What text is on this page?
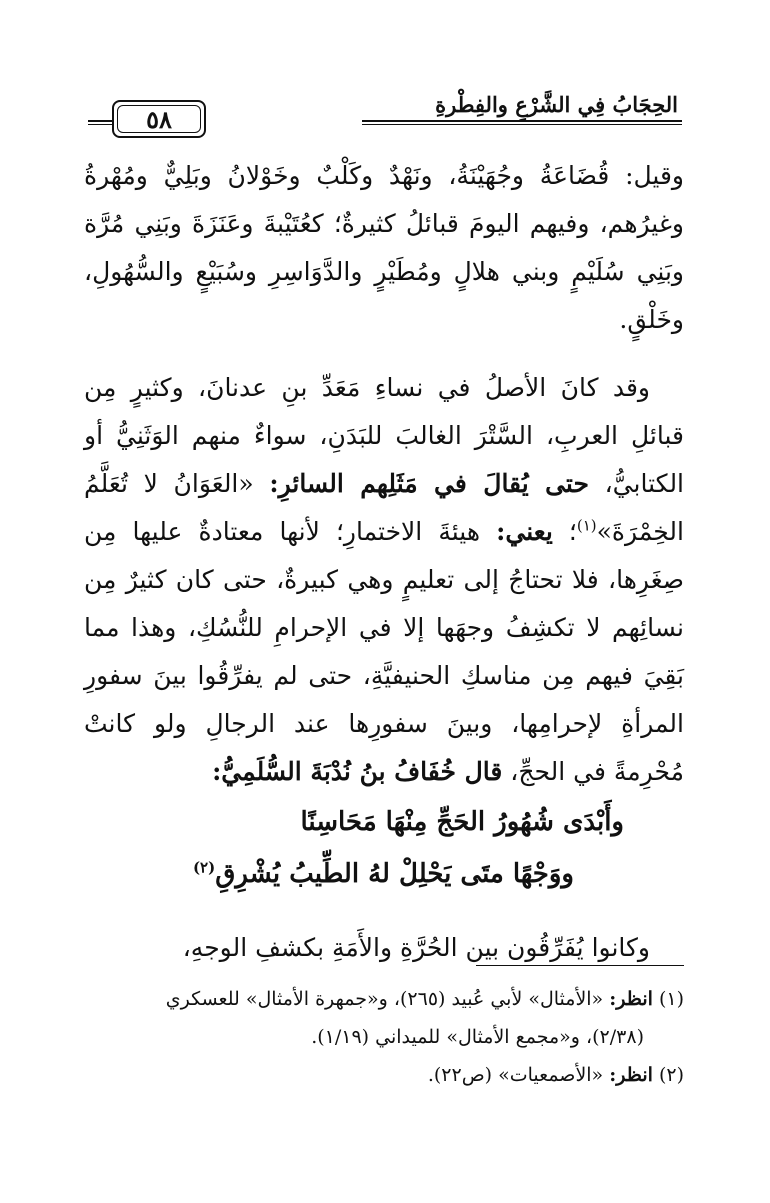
الحِجَابُ فِي الشَّرْعِ والفِطْرةِ
٥٨

وقيل: قُضَاعَةُ وجُهَيْنَةُ، ونَهْدٌ وكَلْبٌ وخَوْلانُ وبَلِيٌّ ومُهْرةُ وغيرُهم، وفيهم اليومَ قبائلُ كثيرةٌ؛ كعُتَيْبةَ وعَنَزَةَ وبَنِي مُرَّة وبَنِي سُلَيْمٍ وبني هلالٍ ومُطَيْرٍ والدَّوَاسِرِ وسُبَيْعٍ والسُّهُولِ، وخَلْقٍ.

وقد كانَ الأصلُ في نساءِ مَعَدِّ بنِ عدنانَ، وكثيرٍ مِن قبائلِ العربِ، السَّتْرَ الغالبَ للبَدَنِ، سواءٌ منهم الوَثَنِيُّ أو الكتابيُّ، حتى يُقالَ في مَثَلِهم السائرِ: «العَوَانُ لا تُعَلَّمُ الخِمْرَةَ»$^{(١)}$؛ يعني: هيئةَ الاختمارِ؛ لأنها معتادةٌ عليها مِن صِغَرِها، فلا تحتاجُ إلى تعليمٍ وهي كبيرةٌ، حتى كان كثيرٌ مِن نسائِهم لا تكشِفُ وجهَها إلا في الإحرامِ للنُّسُكِ، وهذا مما بَقِيَ فيهم مِن مناسكِ الحنيفيَّةِ، حتى لم يفرِّقُوا بينَ سفورِ المرأةِ لإحرامِها، وبينَ سفورِها عند الرجالِ ولو كانتْ مُحْرِمةً في الحجِّ، قال خُفَافُ بنُ نُدْبَةَ السُّلَمِيُّ:

وأَبْدَى شُهُورُ الحَجِّ مِنْهَا مَحَاسِنًا
ووَجْهًا متَى يَحْلِلْ لهُ الطِّيبُ يُشْرِقِ$^{(٢)}$

وكانوا يُفَرِّقُون بين الحُرَّةِ والأَمَةِ بكشفِ الوجهِ،

(١) انظر: «الأمثال» لأبي عُبيد (٢٦٥)، و«جمهرة الأمثال» للعسكري

(٢/٣٨)، و«مجمع الأمثال» للميداني (١/١٩).

(٢) انظر: «الأصمعيات» (ص٢٢).
